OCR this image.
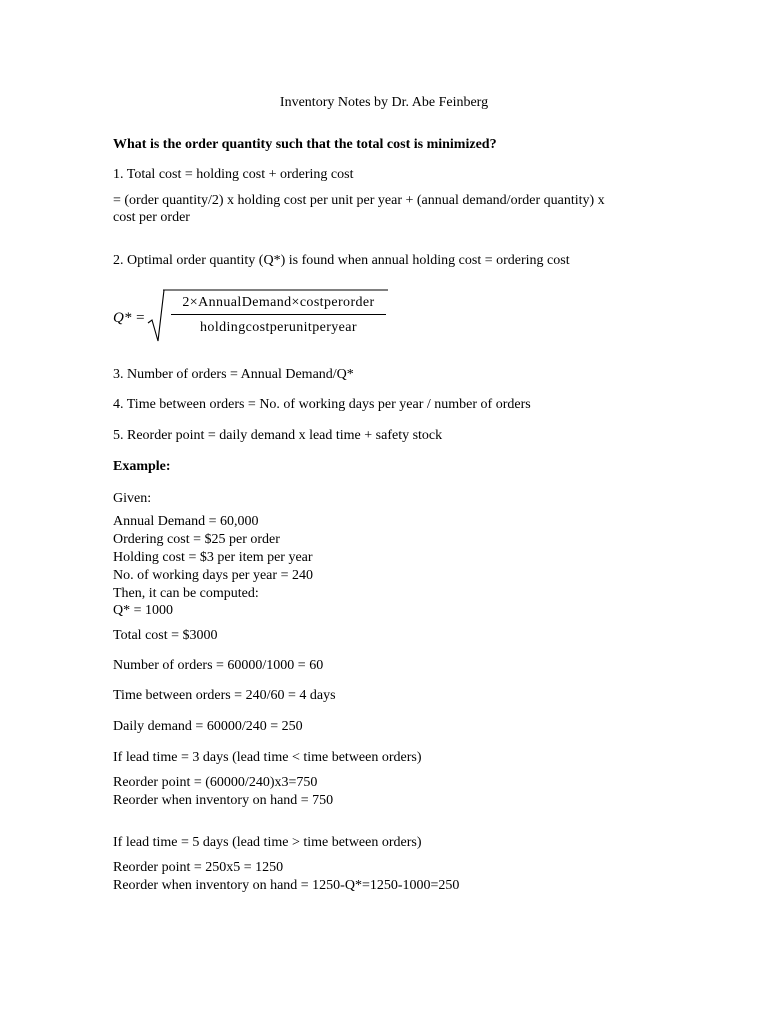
Inventory Notes by Dr. Abe Feinberg
What is the order quantity such that the total cost is minimized?
1. Total cost = holding cost + ordering cost
= (order quantity/2) x holding cost per unit per year + (annual demand/order quantity) x
cost per order
2. Optimal order quantity (Q*) is found when annual holding cost = ordering cost
Q* =
2×AnnualDemand×costperorder
holdingcostperunitperyear
3. Number of orders = Annual Demand/Q*
4. Time between orders = No. of working days per year / number of orders
5. Reorder point = daily demand x lead time + safety stock
Example:
Given:
Annual Demand = 60,000
Ordering cost = $25 per order
Holding cost = $3 per item per year
No. of working days per year = 240
Then, it can be computed:
Q* = 1000
Total cost = $3000
Number of orders = 60000/1000 = 60
Time between orders = 240/60 = 4 days
Daily demand = 60000/240 = 250
If lead time = 3 days (lead time < time between orders)
Reorder point = (60000/240)x3=750
Reorder when inventory on hand = 750
If lead time = 5 days (lead time > time between orders)
Reorder point = 250x5 = 1250
Reorder when inventory on hand = 1250-Q*=1250-1000=250
